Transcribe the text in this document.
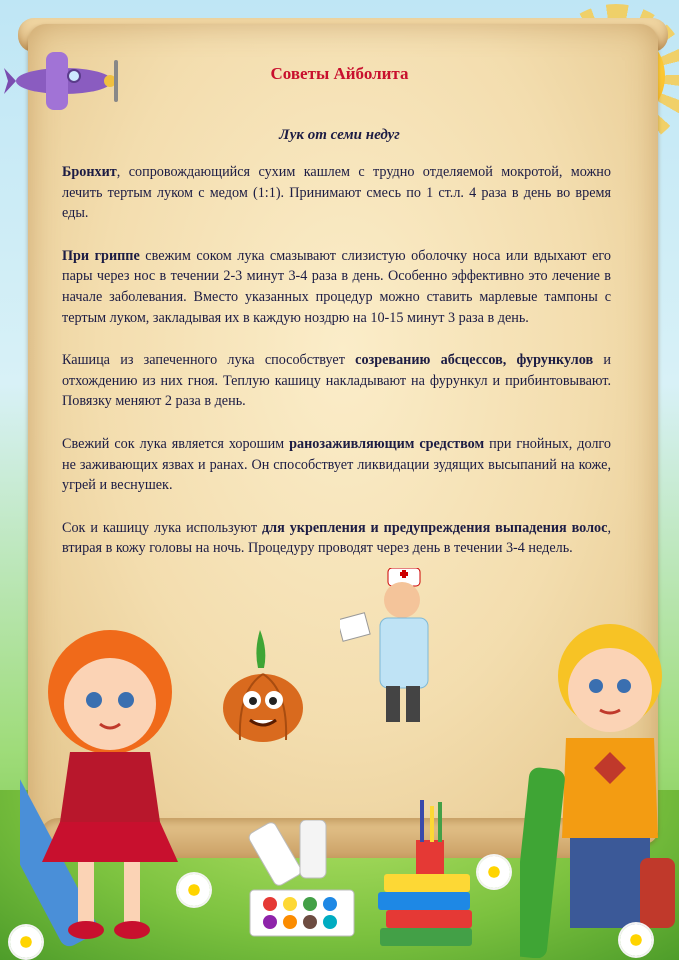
Советы Айболита
Лук от семи недуг

Бронхит, сопровождающийся сухим кашлем с трудно отделяемой мокротой, можно лечить тертым луком с медом (1:1). Принимают смесь по 1 ст.л. 4 раза в день во время еды.

При гриппе свежим соком лука смазывают слизистую оболочку носа или вдыхают его пары через нос в течении 2-3 минут 3-4 раза в день. Особенно эффективно это лечение в начале заболевания. Вместо указанных процедур можно ставить марлевые тампоны с тертым луком, закладывая их в каждую ноздрю на 10-15 минут 3 раза в день.

Кашица из запеченного лука способствует созреванию абсцессов, фурункулов и отхождению из них гноя. Теплую кашицу накладывают на фурункул и прибинтовывают. Повязку меняют 2 раза в день.

Свежий сок лука является хорошим ранозаживляющим средством при гнойных, долго не заживающих язвах и ранах. Он способствует ликвидации зудящих высыпаний на коже, угрей и веснушек.

Сок и кашицу лука используют для укрепления и предупреждения выпадения волос, втирая в кожу головы на ночь. Процедуру проводят через день в течении 3-4 недель.
